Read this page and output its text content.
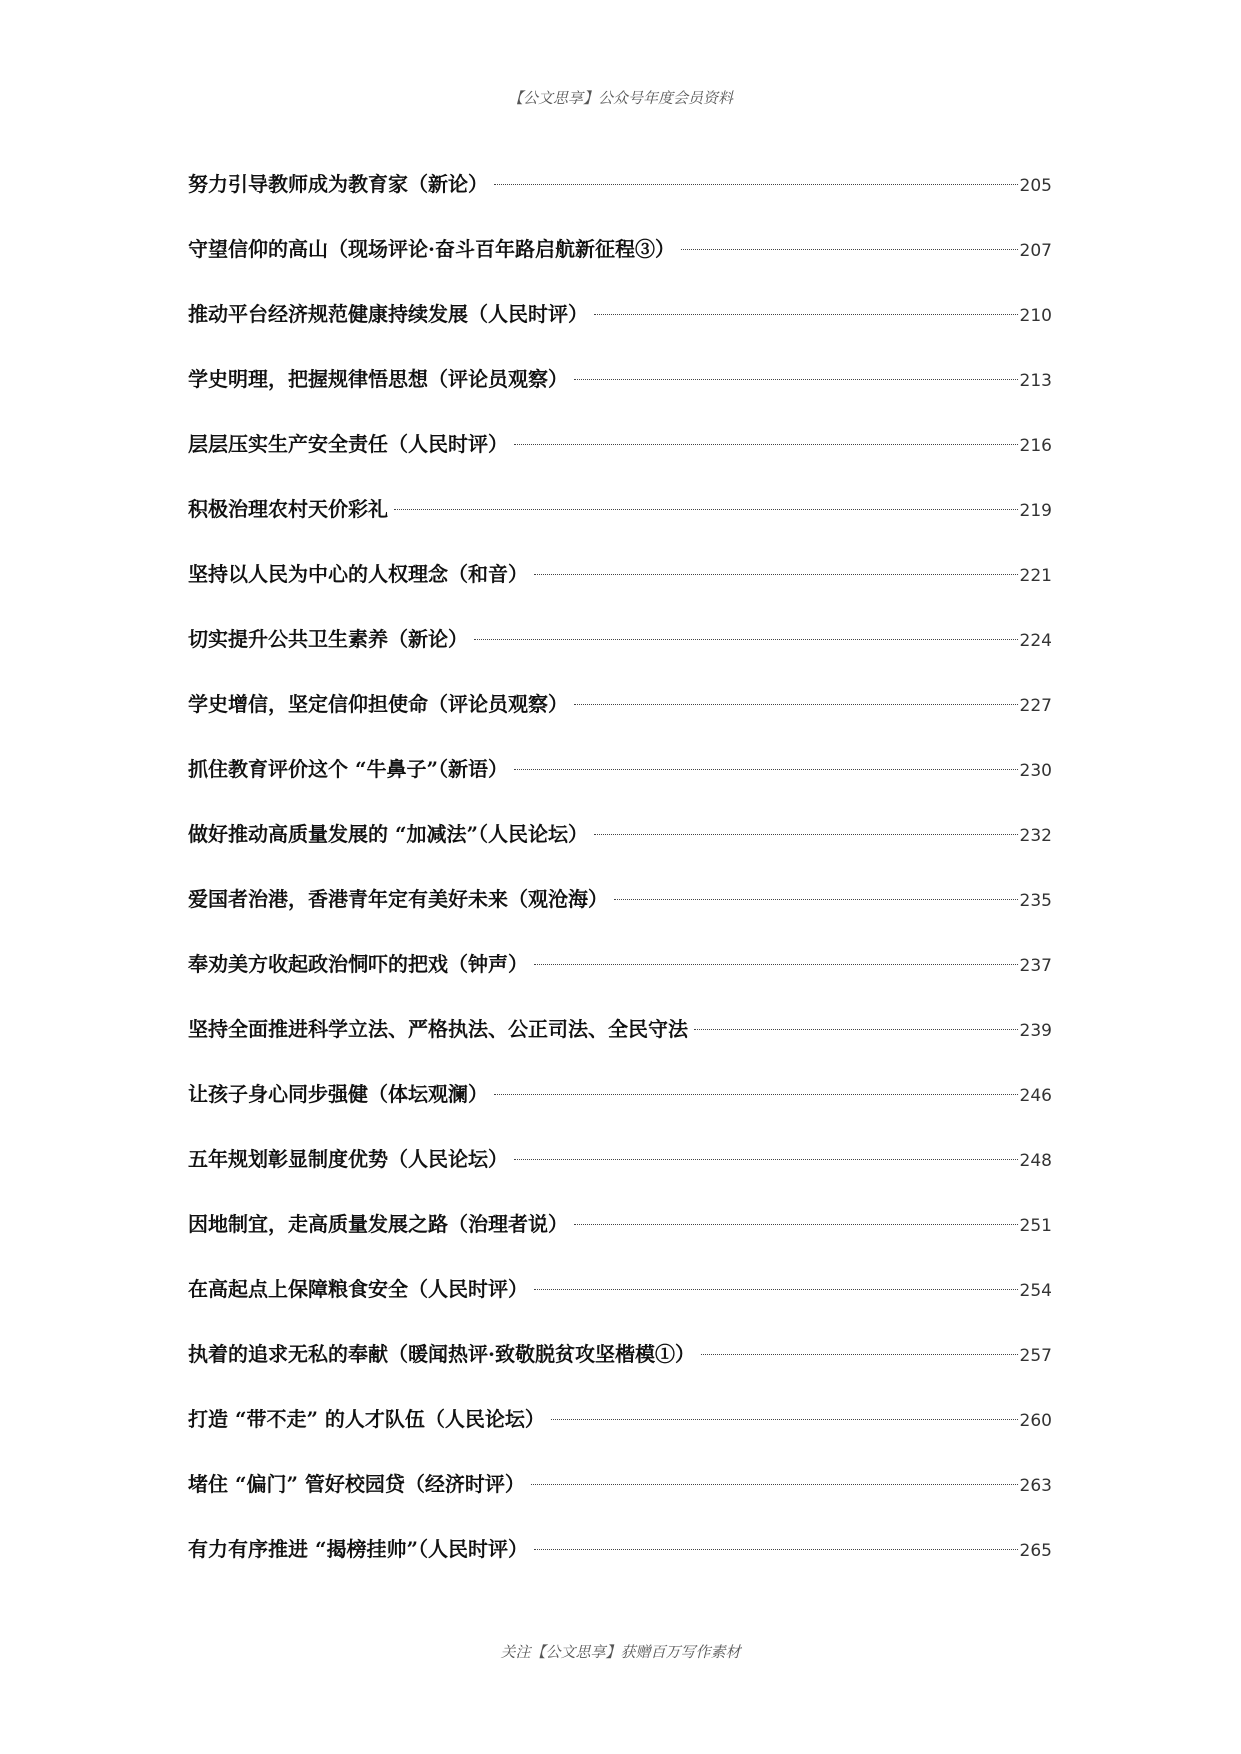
【公文思享】公众号年度会员资料
努力引导教师成为教育家（新论）	205
守望信仰的高山（现场评论·奋斗百年路启航新征程③）	207
推动平台经济规范健康持续发展（人民时评）	210
学史明理，把握规律悟思想（评论员观察）	213
层层压实生产安全责任（人民时评）	216
积极治理农村天价彩礼	219
坚持以人民为中心的人权理念（和音）	221
切实提升公共卫生素养（新论）	224
学史增信，坚定信仰担使命（评论员观察）	227
抓住教育评价这个 “牛鼻子”（新语）	230
做好推动高质量发展的 “加减法”（人民论坛）	232
爱国者治港，香港青年定有美好未来（观沧海）	235
奉劝美方收起政治恫吓的把戏（钟声）	237
坚持全面推进科学立法、严格执法、公正司法、全民守法	239
让孩子身心同步强健（体坛观澜）	246
五年规划彰显制度优势（人民论坛）	248
因地制宜，走高质量发展之路（治理者说）	251
在高起点上保障粮食安全（人民时评）	254
执着的追求无私的奉献（暖闻热评·致敬脱贫攻坚楷模①）	257
打造 “带不走” 的人才队伍（人民论坛）	260
堵住 “偏门” 管好校园贷（经济时评）	263
有力有序推进 “揭榜挂帅”（人民时评）	265
关注【公文思享】获赠百万写作素材
